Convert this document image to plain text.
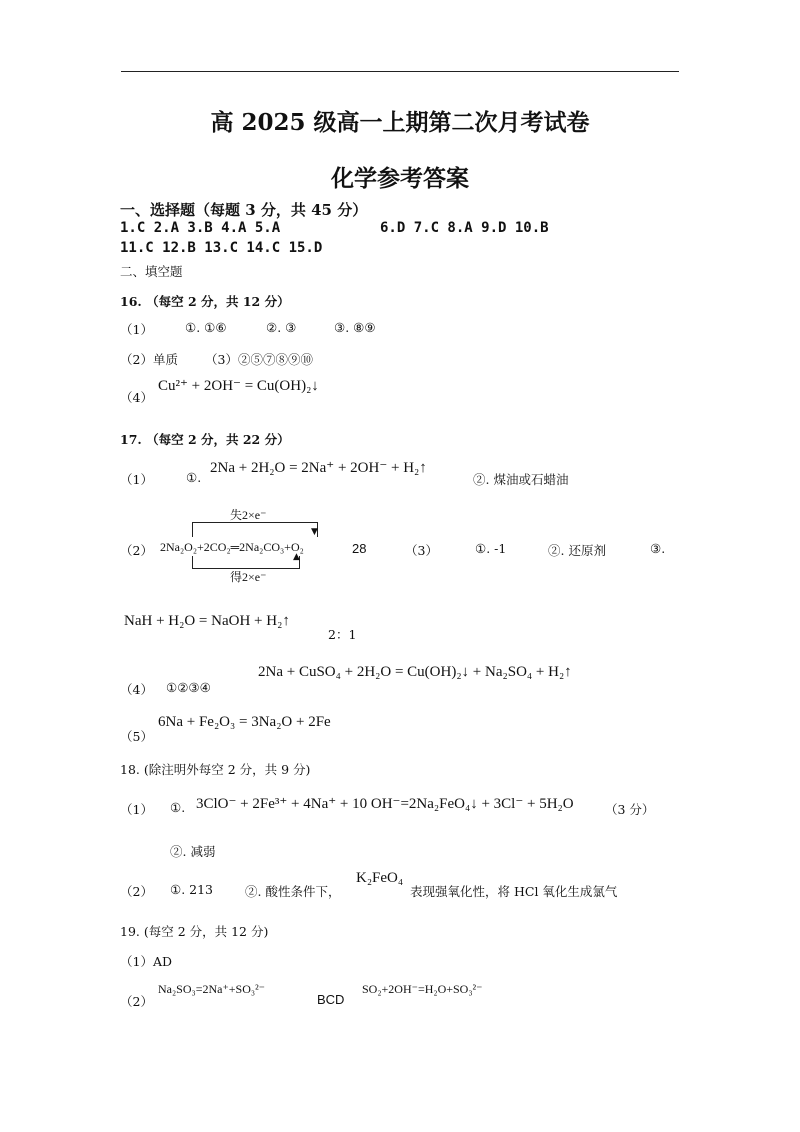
高 2025 级高一上期第二次月考试卷
化学参考答案
一、选择题（每题 3 分，共 45 分）
1.C 2.A 3.B 4.A 5.A	6.D 7.C 8.A 9.D 10.B
11.C 12.B 13.C 14.C 15.D
二、填空题
16. （每空 2 分，共 12 分）
（1）	①. ①⑥	②. ③	③. ⑧⑨
（2）单质 （3）②⑤⑦⑧⑨⑩
（4）
Cu²⁺ + 2OH⁻ = Cu(OH)₂↓
17. （每空 2 分，共 22 分）
（1）	①.
2Na + 2H₂O = 2Na⁺ + 2OH⁻ + H₂↑
②. 煤油或石蜡油
失2×e⁻
▼
（2） 2Na₂O₂+2CO₂═2Na₂CO₃+O₂
▲
得2×e⁻
28	（3）	①. -1	②. 还原剂	③.
NaH + H₂O = NaOH + H₂↑
2：1
（4） ①②③④
2Na + CuSO₄ + 2H₂O = Cu(OH)₂↓ + Na₂SO₄ + H₂↑
（5）
6Na + Fe₂O₃ = 3Na₂O + 2Fe
18. (除注明外每空 2 分，共 9 分)
（1） ①. 3ClO⁻ + 2Fe³⁺ + 4Na⁺ + 10 OH⁻=2Na₂FeO₄↓ + 3Cl⁻ + 5H₂O	（3 分）
②. 减弱
（2） ①. 213	②. 酸性条件下，
K₂FeO₄
表现强氧化性，将 HCl 氧化生成氯气
19. (每空 2 分，共 12 分)
（1）AD
（2）
Na₂SO₃=2Na⁺+SO₃²⁻
BCD
SO₂+2OH⁻=H₂O+SO₃²⁻
